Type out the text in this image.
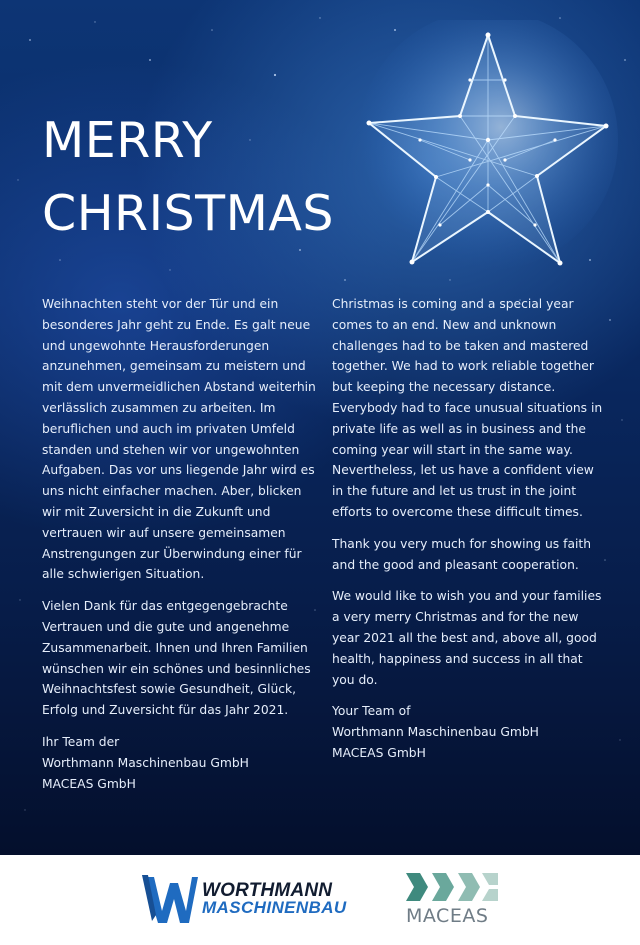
MERRY
CHRISTMAS

Weihnachten steht vor der Tür und ein besonderes Jahr geht zu Ende. Es galt neue und ungewohnte Herausforderungen anzunehmen, gemeinsam zu meistern und mit dem unvermeidlichen Abstand weiterhin verlässlich zusammen zu arbeiten. Im beruflichen und auch im privaten Umfeld standen und stehen wir vor ungewohnten Aufgaben. Das vor uns liegende Jahr wird es uns nicht einfacher machen. Aber, blicken wir mit Zuversicht in die Zukunft und vertrauen wir auf unsere gemeinsamen Anstrengungen zur Überwindung einer für alle schwierigen Situation.

Vielen Dank für das entgegengebrachte Vertrauen und die gute und angenehme Zusammenarbeit. Ihnen und Ihren Familien wünschen wir ein schönes und besinnliches Weihnachtsfest sowie Gesundheit, Glück, Erfolg und Zuversicht für das Jahr 2021.

Ihr Team der
Worthmann Maschinenbau GmbH
MACEAS GmbH

Christmas is coming and a special year comes to an end. New and unknown challenges had to be taken and mastered together. We had to work reliable together but keeping the necessary distance. Everybody had to face unusual situations in private life as well as in business and the coming year will start in the same way. Nevertheless, let us have a confident view in the future and let us trust in the joint efforts to overcome these difficult times.

Thank you very much for showing us faith and the good and pleasant cooperation.

We would like to wish you and your families a very merry Christmas and for the new year 2021 all the best and, above all, good health, happiness and success in all that you do.

Your Team of
Worthmann Maschinenbau GmbH
MACEAS GmbH

WORTHMANN
MASCHINENBAU	MACEAS
